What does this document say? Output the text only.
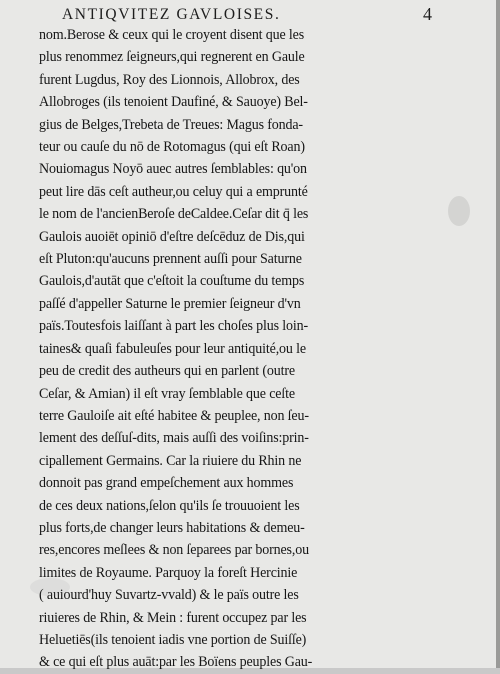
ANTIQVITEZ GAVLOISES.	4
nom.Berose & ceux qui le croyent disent que les
plus renommez ſeigneurs,qui regnerent en Gaule
furent Lugdus, Roy des Lionnois, Allobrox, des
Allobroges (ils tenoient Daufiné, & Sauoye) Bel-
gius de Belges,Trebeta de Treues: Magus fonda-
teur ou cauſe du nō de Rotomagus (qui eſt Roan)
Nouiomagus Noyō auec autres ſemblables: qu'on
peut lire dās ceſt autheur,ou celuy qui a emprunté
le nom de l'ancienBeroſe deCaldee.Ceſar dit q̄ les
Gaulois auoiēt opiniō d'eſtre deſcēduz de Dis,qui
eſt Pluton:qu'aucuns prennent auſſi pour Saturne
Gaulois,d'autāt que c'eſtoit la couſtume du temps
paſſé d'appeller Saturne le premier ſeigneur d'vn
païs.Toutesfois laiſſant à part les choſes plus loin-
taines& quaſi fabuleuſes pour leur antiquité,ou le
peu de credit des autheurs qui en parlent (outre
Ceſar, & Amian) il eſt vray ſemblable que ceſte
terre Gauloiſe ait eſté habitee & peuplee, non ſeu-
lement des deſſuſ-dits, mais auſſi des voiſins:prin-
cipallement Germains. Car la riuiere du Rhin ne
donnoit pas grand empeſchement aux hommes
de ces deux nations,ſelon qu'ils ſe trouuoient les
plus forts,de changer leurs habitations & demeu-
res,encores meſlees & non ſeparees par bornes,ou
limites de Royaume. Parquoy la foreſt Hercinie
( auiourd'huy Suvartz-vvald) & le païs outre les
riuieres de Rhin, & Mein : furent occupez par les
Heluetiēs(ils tenoient iadis vne portion de Suiſſe)
& ce qui eſt plus auāt:par les Boïens peuples Gau-
